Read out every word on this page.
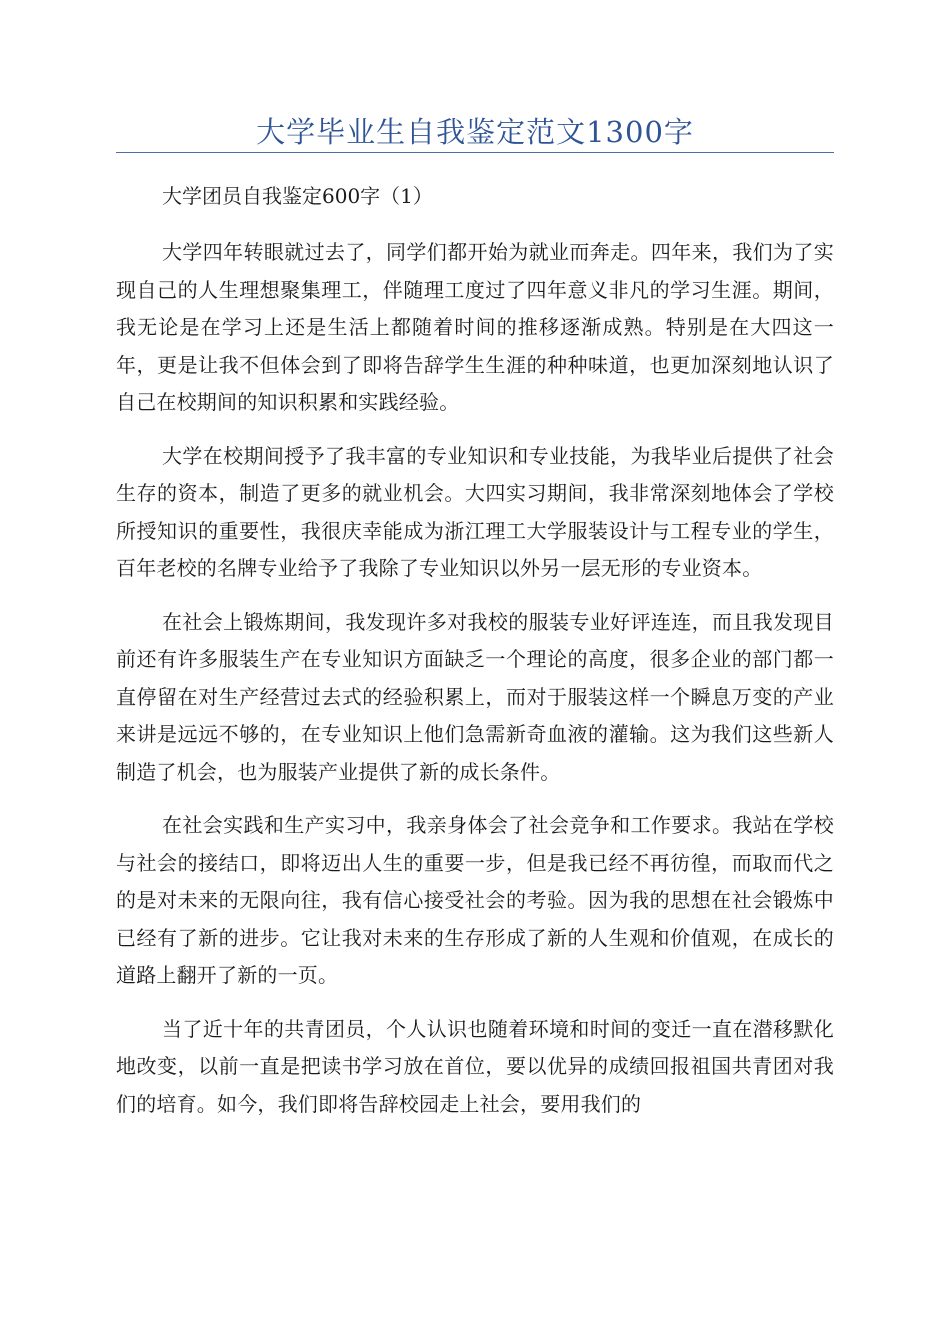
大学毕业生自我鉴定范文1300字

大学团员自我鉴定600字（1）

大学四年转眼就过去了，同学们都开始为就业而奔走。四年来，我们为了实现自己的人生理想聚集理工，伴随理工度过了四年意义非凡的学习生涯。期间，我无论是在学习上还是生活上都随着时间的推移逐渐成熟。特别是在大四这一年，更是让我不但体会到了即将告辞学生生涯的种种味道，也更加深刻地认识了自己在校期间的知识积累和实践经验。

大学在校期间授予了我丰富的专业知识和专业技能，为我毕业后提供了社会生存的资本，制造了更多的就业机会。大四实习期间，我非常深刻地体会了学校所授知识的重要性，我很庆幸能成为浙江理工大学服装设计与工程专业的学生，百年老校的名牌专业给予了我除了专业知识以外另一层无形的专业资本。

在社会上锻炼期间，我发现许多对我校的服装专业好评连连，而且我发现目前还有许多服装生产在专业知识方面缺乏一个理论的高度，很多企业的部门都一直停留在对生产经营过去式的经验积累上，而对于服装这样一个瞬息万变的产业来讲是远远不够的，在专业知识上他们急需新奇血液的灌输。这为我们这些新人制造了机会，也为服装产业提供了新的成长条件。

在社会实践和生产实习中，我亲身体会了社会竞争和工作要求。我站在学校与社会的接结口，即将迈出人生的重要一步，但是我已经不再彷徨，而取而代之的是对未来的无限向往，我有信心接受社会的考验。因为我的思想在社会锻炼中已经有了新的进步。它让我对未来的生存形成了新的人生观和价值观，在成长的道路上翻开了新的一页。

当了近十年的共青团员，个人认识也随着环境和时间的变迁一直在潜移默化地改变，以前一直是把读书学习放在首位，要以优异的成绩回报祖国共青团对我们的培育。如今，我们即将告辞校园走上社会，要用我们的
